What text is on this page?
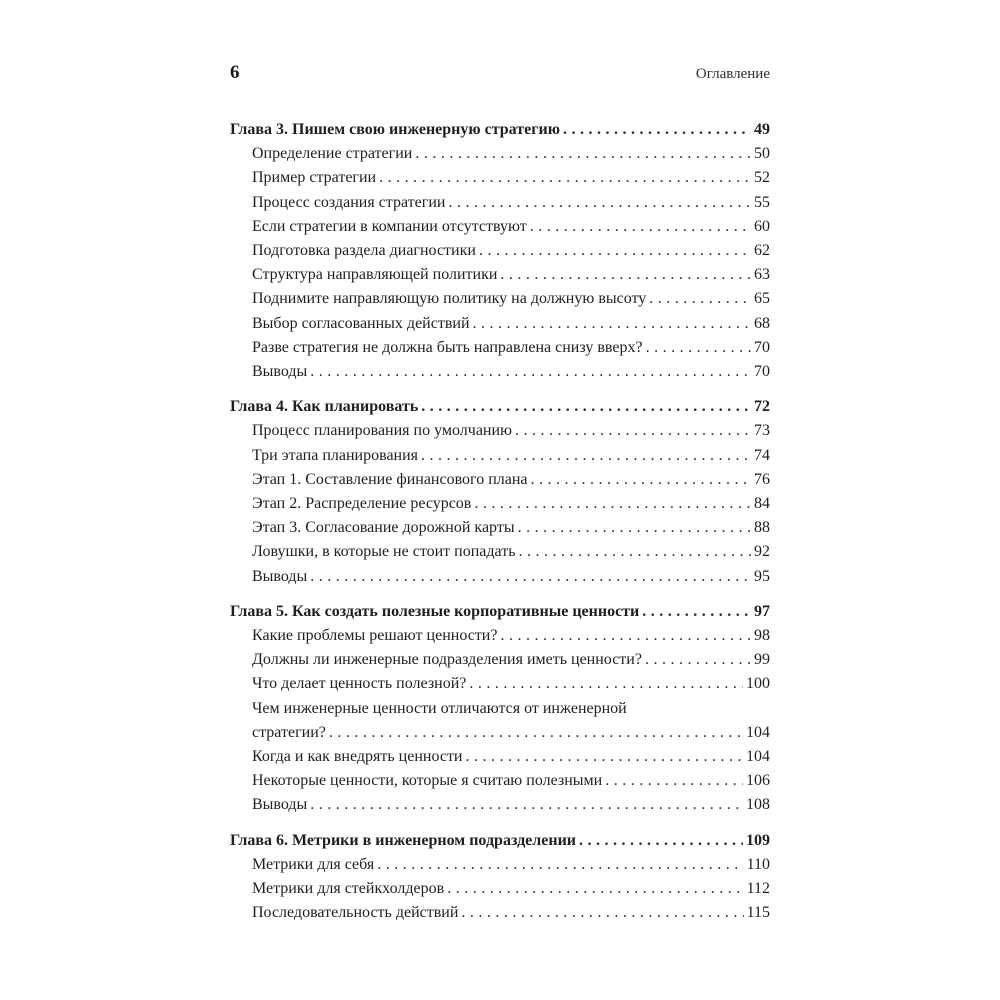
6	Оглавление
Глава 3. Пишем свою инженерную стратегию .....	49
Определение стратегии .....	50
Пример стратегии .....	52
Процесс создания стратегии .....	55
Если стратегии в компании отсутствуют .....	60
Подготовка раздела диагностики .....	62
Структура направляющей политики .....	63
Поднимите направляющую политику на должную высоту .....	65
Выбор согласованных действий .....	68
Разве стратегия не должна быть направлена снизу вверх? .....	70
Выводы .....	70
Глава 4. Как планировать .....	72
Процесс планирования по умолчанию .....	73
Три этапа планирования .....	74
Этап 1. Составление финансового плана .....	76
Этап 2. Распределение ресурсов .....	84
Этап 3. Согласование дорожной карты .....	88
Ловушки, в которые не стоит попадать .....	92
Выводы .....	95
Глава 5. Как создать полезные корпоративные ценности .....	97
Какие проблемы решают ценности? .....	98
Должны ли инженерные подразделения иметь ценности? .....	99
Что делает ценность полезной? .....	100
Чем инженерные ценности отличаются от инженерной
стратегии? .....	104
Когда и как внедрять ценности .....	104
Некоторые ценности, которые я считаю полезными .....	106
Выводы .....	108
Глава 6. Метрики в инженерном подразделении .....	109
Метрики для себя .....	110
Метрики для стейкхолдеров .....	112
Последовательность действий .....	115
